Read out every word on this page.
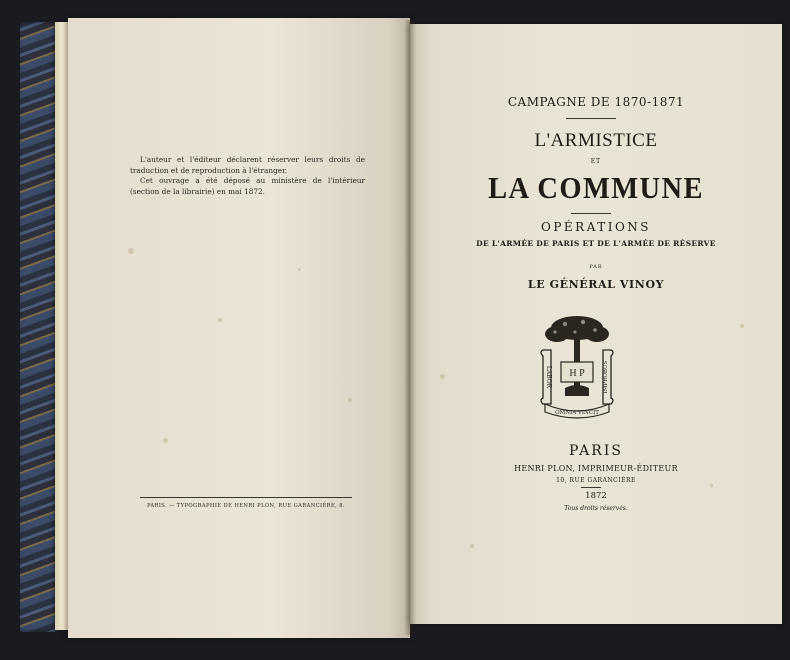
L'auteur et l'éditeur déclarent réserver leurs droits de traduction et de reproduction à l'étranger.

Cet ouvrage a été déposé au ministère de l'intérieur (section de la librairie) en mai 1872.

PARIS. — TYPOGRAPHIE DE HENRI PLON, RUE GARANCIÈRE, 8.
CAMPAGNE DE 1870-1871
L'ARMISTICE
ET
LA COMMUNE
OPÉRATIONS
DE L'ARMÉE DE PARIS ET DE L'ARMÉE DE RÉSERVE
PAR
LE GÉNÉRAL VINOY
LABOR	IMPROBUS
H P
OMNIA VINCIT
PARIS
HENRI PLON, IMPRIMEUR-ÉDITEUR
10, RUE GARANCIÈRE
1872
Tous droits réservés.
